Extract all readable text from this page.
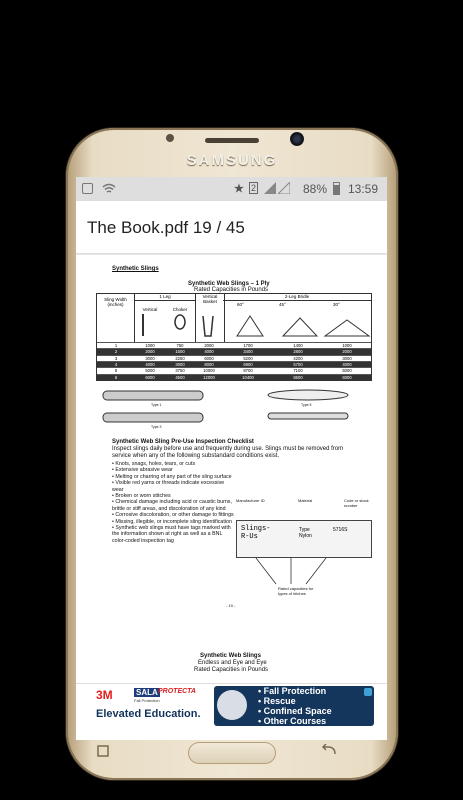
SAMSUNG
★ 2	88% 13:59
The Book.pdf 19 / 45
Synthetic Slings
Synthetic Web Slings – 1 Ply
Rated Capacities in Pounds
Sling Width (inches)
1 Leg
Vertical	Choker
Vertical Basket
2-Leg Bridle
60°	45°	30°
1	1000	750	2000	1700	1400	1000
2	2000	1500	4000	3400	2800	2000
3	3000	2250	6000	5200	4200	3000
4	4000	3000	8000	6900	5700	4000
5	5000	3750	10000	8700	7100	5000
6	6000	4500	12000	10400	8500	6000
Type 1
Type 3
Type 5
Synthetic Web Sling Pre-Use Inspection Checklist
Inspect slings daily before use and frequently during use. Slings must be removed from service when any of the following substandard conditions exist.
• Knots, snags, holes, tears, or cuts
• Extensive abrasive wear
• Melting or charring of any part of the sling surface
• Visible red yarns or threads indicate excessive wear
• Broken or worn stitches
• Chemical damage including acid or caustic burns, brittle or stiff areas, and discoloration of any kind
• Corrosive discoloration, or other damage to fittings
• Missing, illegible, or incomplete sling identification
• Synthetic web slings must have tags marked with the information shown at right as well as a BNL color-coded inspection tag
Manufacturer ID	Material	Code or stock number
Slings-R-Us
Type Nylon
5716S
Rated capacities for types of hitches
- 19 -
Synthetic Web Slings
Endless and Eye and Eye
Rated Capacities in Pounds
3M	SALA
Fall Protection
PROTECTA
Elevated Education.
• Fall Protection
• Rescue
• Confined Space
• Other Courses
